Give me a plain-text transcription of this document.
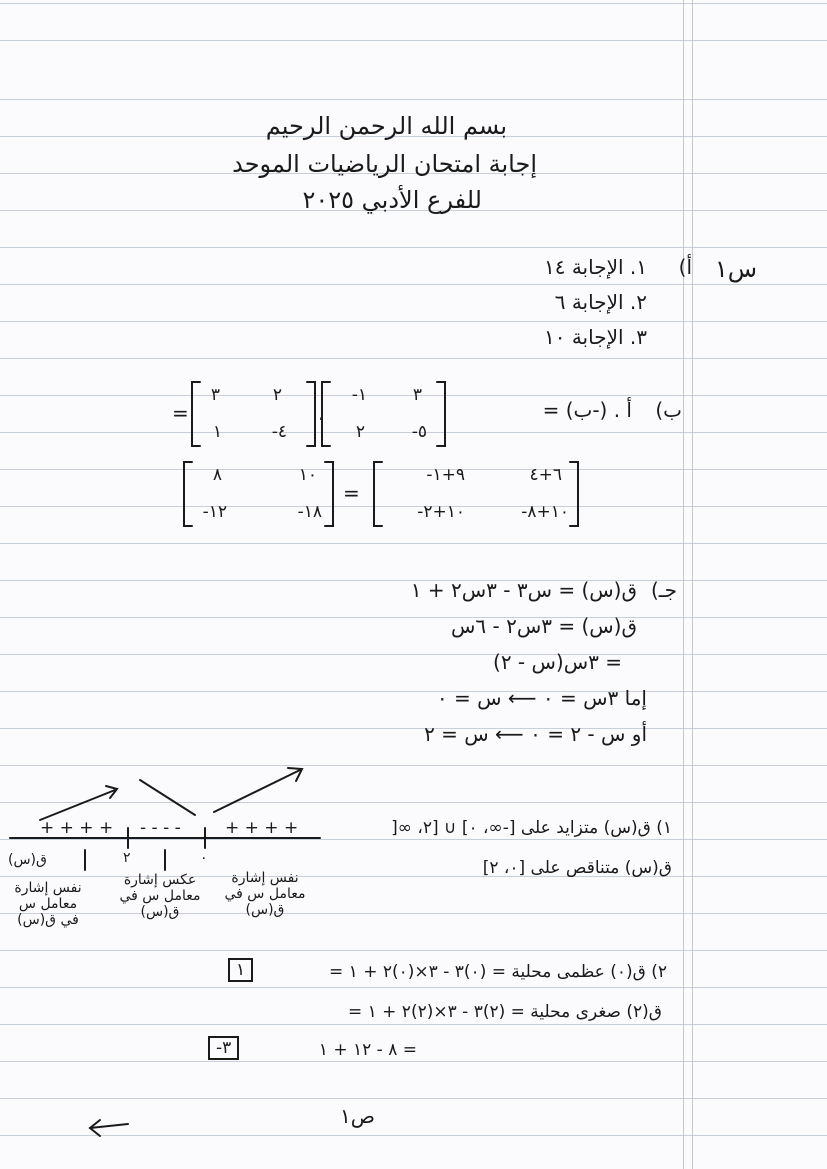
بسم الله الرحمن الرحيم
إجابة امتحان الرياضيات الموحد
للفرع الأدبي ٢٠٢٥
س١
أ)
١. الإجابة ١٤
٢. الإجابة ٦
٣. الإجابة ١٠
ب)
أ . (-ب) =
.
=
=
٣
-١
-٥
٢
٢
٣
-٤
١
٦+٤
-٩+١
-١٠+٨
-١٠+٢
١٠
٨
-١٨
-١٢
جـ)
ق(س) = س٣ - ٣س٢ + ١
ق(س) = ٣س٢ - ٦س
= ٣س(س - ٢)
إما ٣س = ٠ ⟵ س = ٠
أو س - ٢ = ٠ ⟵ س = ٢
+ + + +
- - - -
+ + + +
٠
٢
ق(س)
نفس إشارة معامل س في ق(س)
عكس إشارة معامل س في ق(س)
نفس إشارة معامل س في ق(س)
١) ق(س) متزايد على [-∞، ٠] ∪ [٢، ∞[
ق(س) متناقص على [٠، ٢]
٢) ق(٠) عظمى محلية = (٠)٣ - ٣×(٠)٢ + ١ =
١
ق(٢) صغرى محلية = (٢)٣ - ٣×(٢)٢ + ١ =
٨ - ١٢ + ١ =
-٣
ص١
